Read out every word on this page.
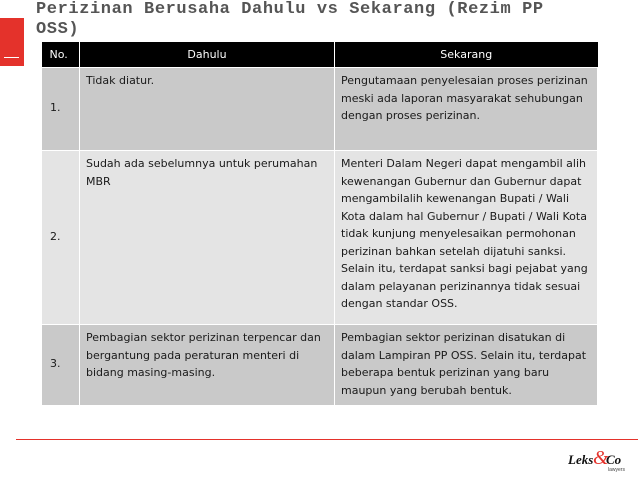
Perizinan Berusaha Dahulu vs Sekarang (Rezim PP OSS)
No.	Dahulu	Sekarang
1.	Tidak diatur.	Pengutamaan penyelesaian proses perizinan meski ada laporan masyarakat sehubungan dengan proses perizinan.
2.	Sudah ada sebelumnya untuk perumahan MBR	Menteri Dalam Negeri dapat mengambil alih kewenangan Gubernur dan Gubernur dapat mengambilalih kewenangan Bupati / Wali Kota dalam hal Gubernur / Bupati / Wali Kota tidak kunjung menyelesaikan permohonan perizinan bahkan setelah dijatuhi sanksi. Selain itu, terdapat sanksi bagi pejabat yang dalam pelayanan perizinannya tidak sesuai dengan standar OSS.
3.	Pembagian sektor perizinan terpencar dan bergantung pada peraturan menteri di bidang masing-masing.	Pembagian sektor perizinan disatukan di dalam Lampiran PP OSS. Selain itu, terdapat beberapa bentuk perizinan yang baru maupun yang berubah bentuk.
Leks &
Co
lawyers
